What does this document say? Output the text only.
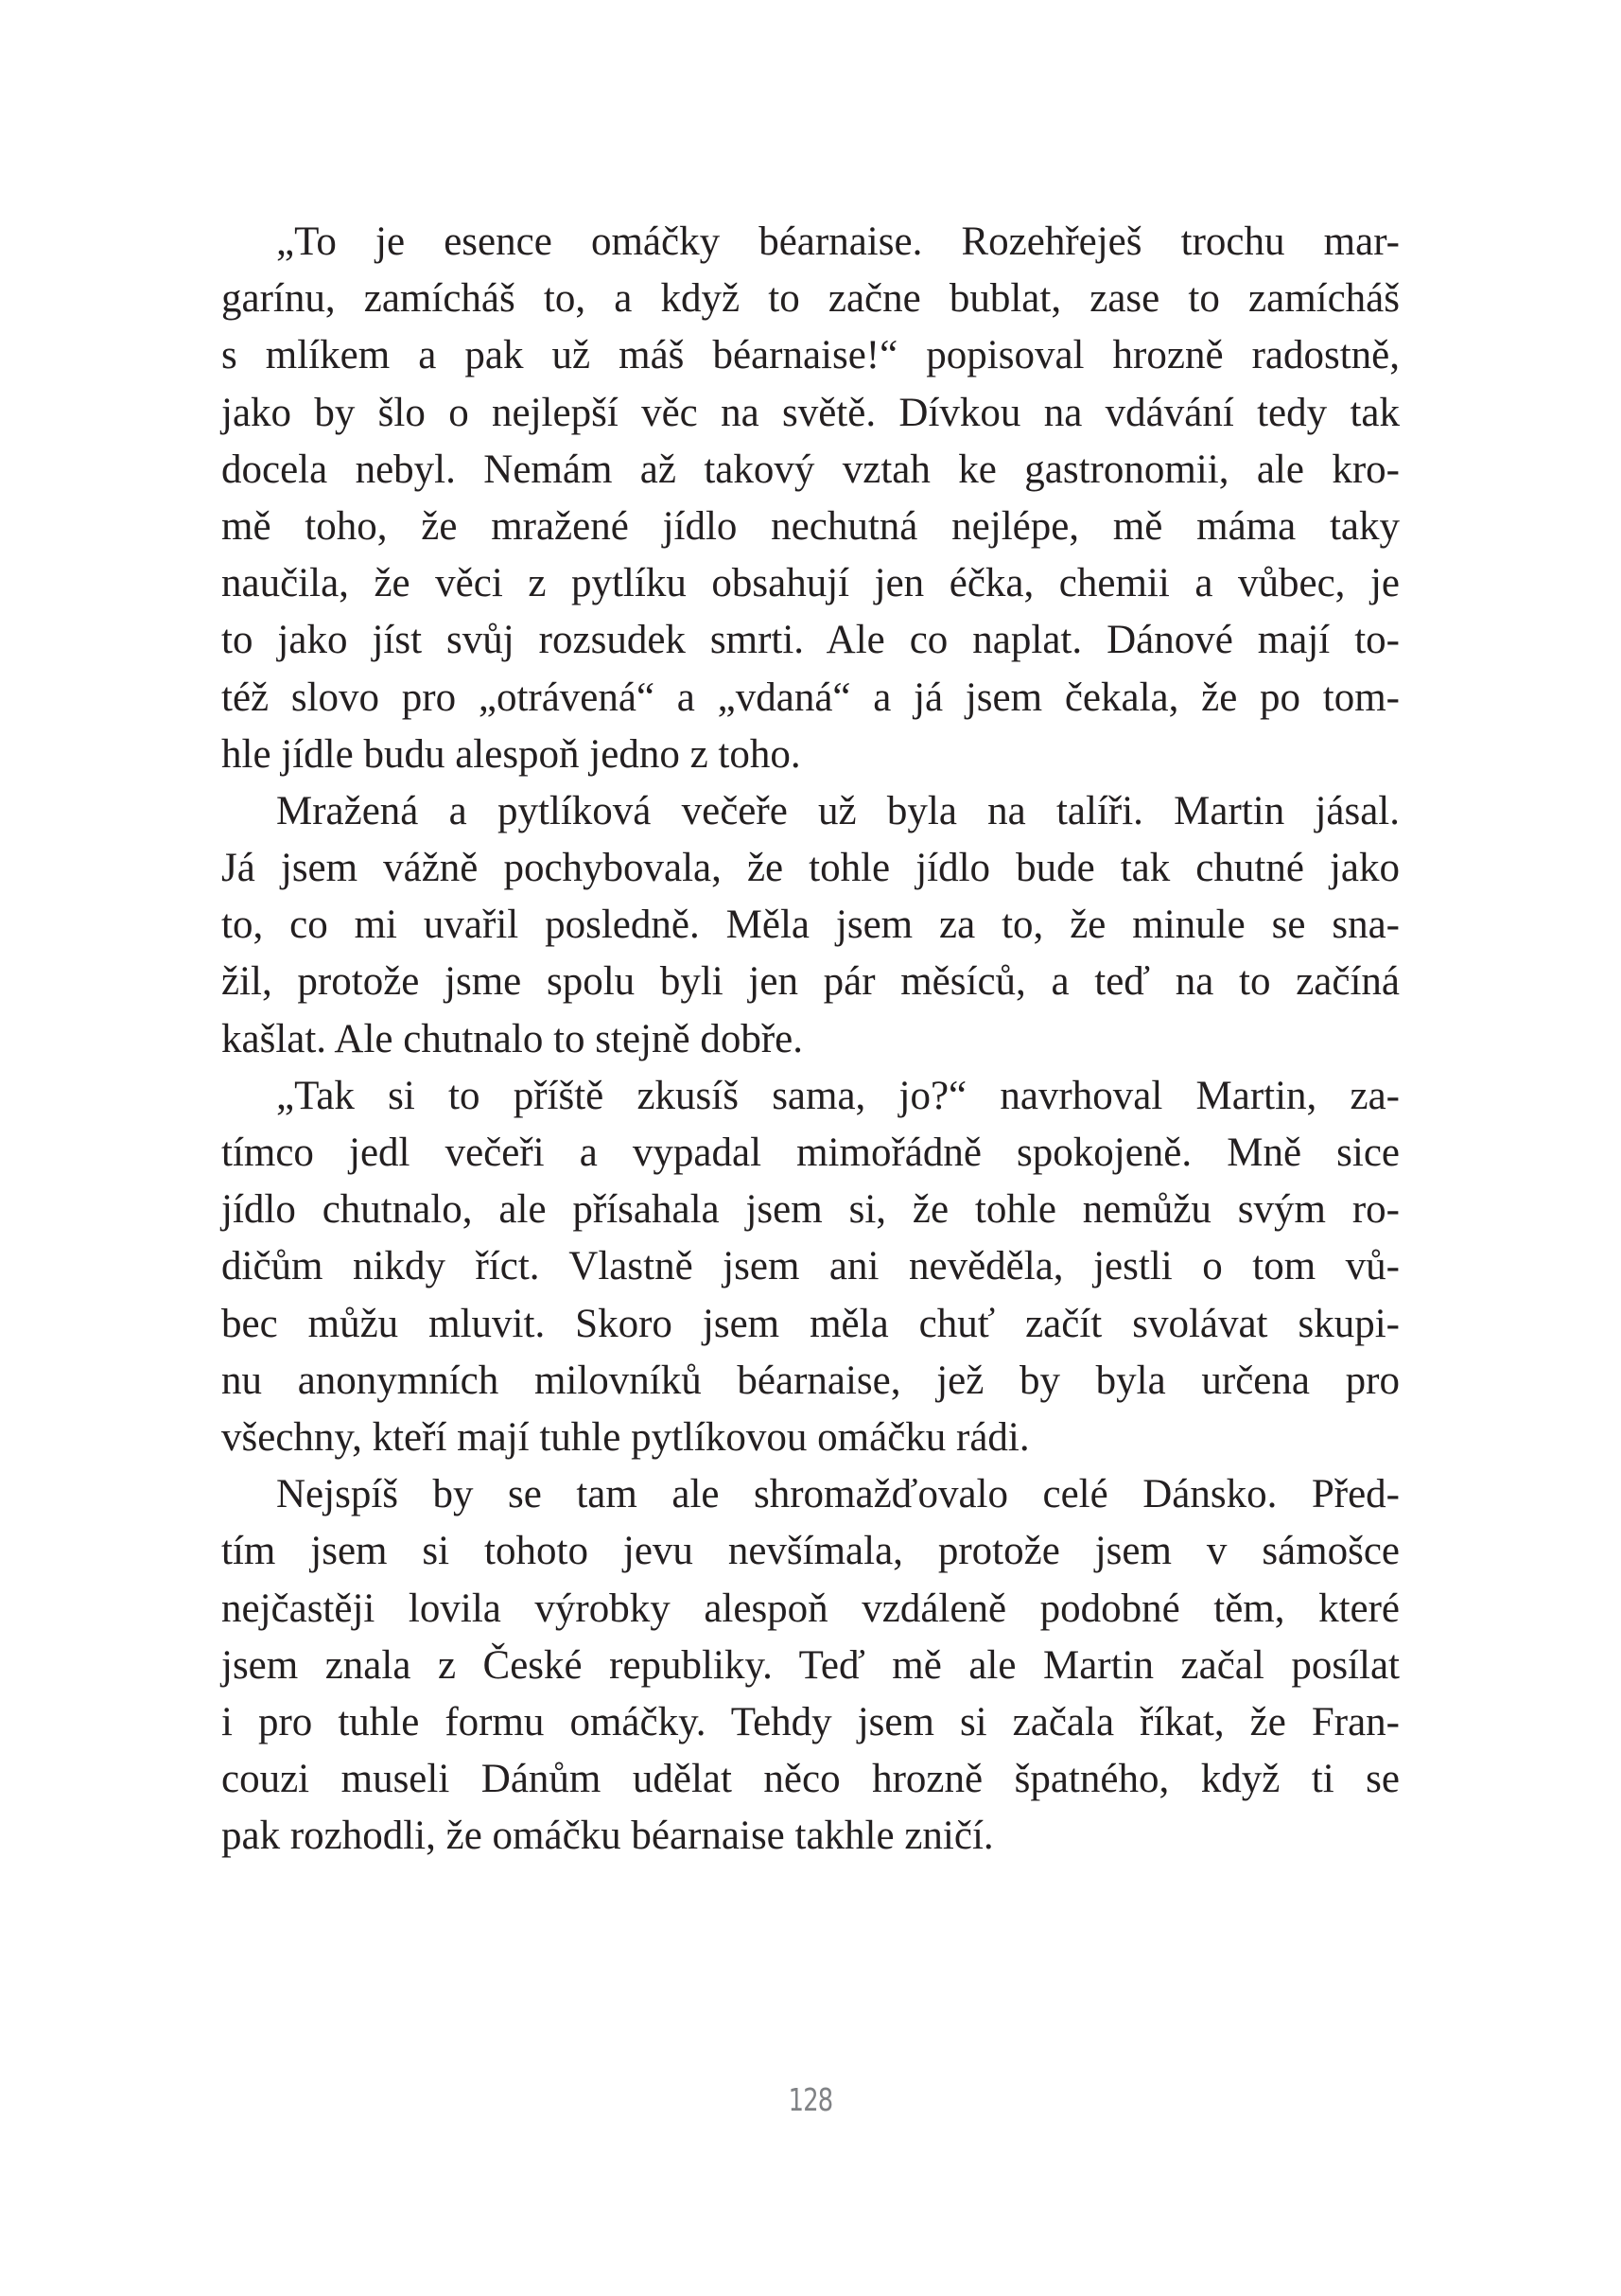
„To je esence omáčky béarnaise. Rozehřeješ trochu mar-
garínu, zamícháš to, a když to začne bublat, zase to zamícháš
s mlíkem a pak už máš béarnaise!“ popisoval hrozně radostně,
jako by šlo o nejlepší věc na světě. Dívkou na vdávání tedy tak
docela nebyl. Nemám až takový vztah ke gastronomii, ale kro-
mě toho, že mražené jídlo nechutná nejlépe, mě máma taky
naučila, že věci z pytlíku obsahují jen éčka, chemii a vůbec, je
to jako jíst svůj rozsudek smrti. Ale co naplat. Dánové mají to-
též slovo pro „otrávená“ a „vdaná“ a já jsem čekala, že po tom-
hle jídle budu alespoň jedno z toho.
Mražená a pytlíková večeře už byla na talíři. Martin jásal.
Já jsem vážně pochybovala, že tohle jídlo bude tak chutné jako
to, co mi uvařil posledně. Měla jsem za to, že minule se sna-
žil, protože jsme spolu byli jen pár měsíců, a teď na to začíná
kašlat. Ale chutnalo to stejně dobře.
„Tak si to příště zkusíš sama, jo?“ navrhoval Martin, za-
tímco jedl večeři a vypadal mimořádně spokojeně. Mně sice
jídlo chutnalo, ale přísahala jsem si, že tohle nemůžu svým ro-
dičům nikdy říct. Vlastně jsem ani nevěděla, jestli o tom vů-
bec můžu mluvit. Skoro jsem měla chuť začít svolávat skupi-
nu anonymních milovníků béarnaise, jež by byla určena pro
všechny, kteří mají tuhle pytlíkovou omáčku rádi.
Nejspíš by se tam ale shromažďovalo celé Dánsko. Před-
tím jsem si tohoto jevu nevšímala, protože jsem v sámošce
nejčastěji lovila výrobky alespoň vzdáleně podobné těm, které
jsem znala z České republiky. Teď mě ale Martin začal posílat
i pro tuhle formu omáčky. Tehdy jsem si začala říkat, že Fran-
couzi museli Dánům udělat něco hrozně špatného, když ti se
pak rozhodli, že omáčku béarnaise takhle zničí.
128
